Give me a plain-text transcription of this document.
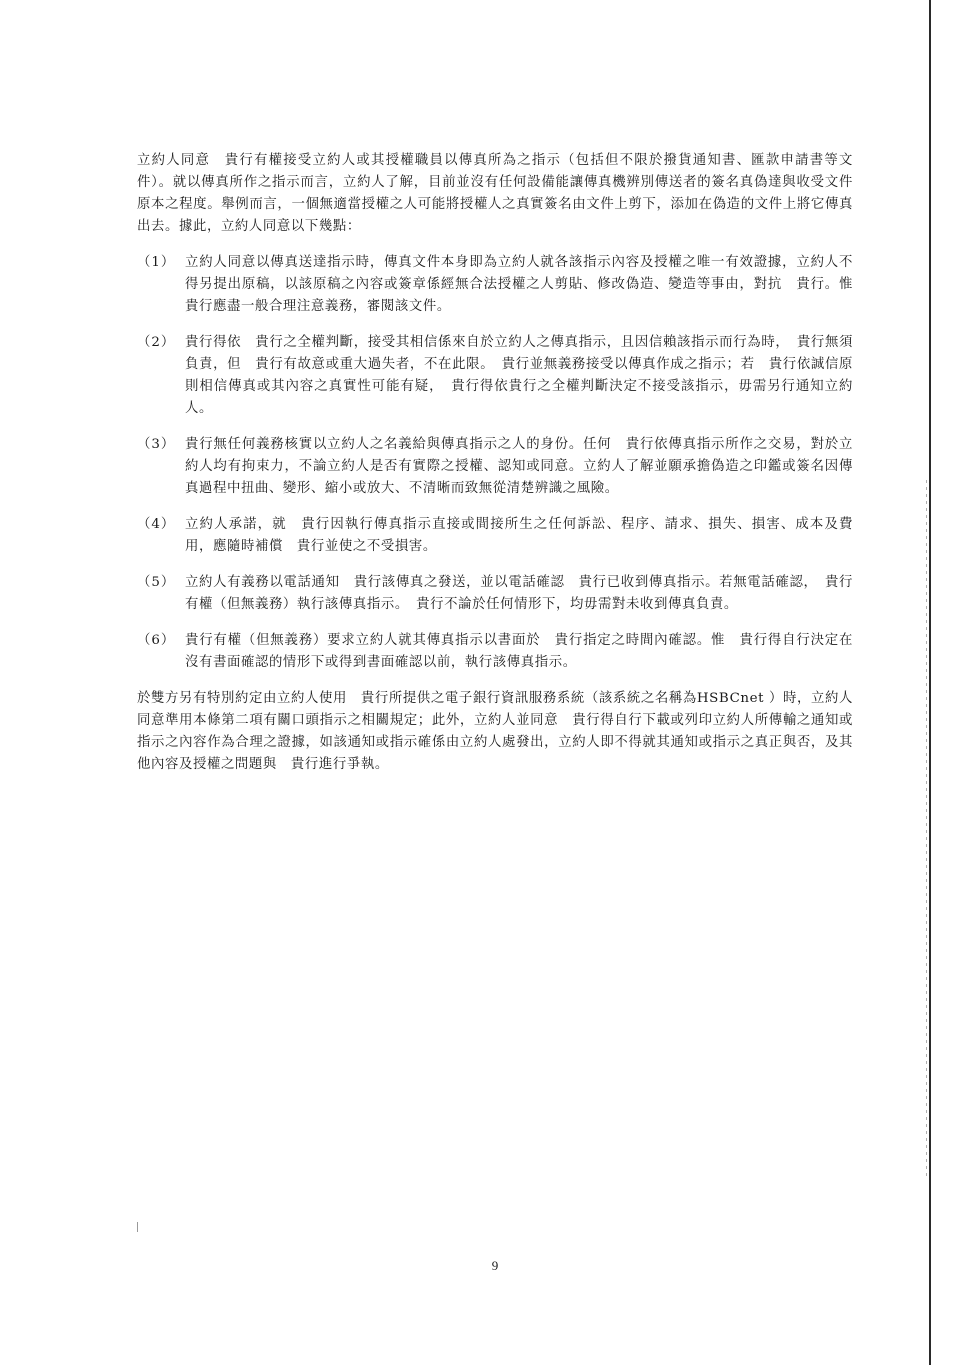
立約人同意　貴行有權接受立約人或其授權職員以傳真所為之指示（包括但不限於撥貨通知書、匯款申請書等文件）。就以傳真所作之指示而言，立約人了解，目前並沒有任何設備能讓傳真機辨別傳送者的簽名真偽達與收受文件原本之程度。舉例而言，一個無適當授權之人可能將授權人之真實簽名由文件上剪下，添加在偽造的文件上將它傳真出去。據此，立約人同意以下幾點：

（1） 立約人同意以傳真送達指示時，傳真文件本身即為立約人就各該指示內容及授權之唯一有效證據，立約人不得另提出原稿，以該原稿之內容或簽章係經無合法授權之人剪貼、修改偽造、變造等事由，對抗　貴行。惟　貴行應盡一般合理注意義務，審閱該文件。
（2） 貴行得依　貴行之全權判斷，接受其相信係來自於立約人之傳真指示，且因信賴該指示而行為時，　貴行無須負責，但　貴行有故意或重大過失者，不在此限。　貴行並無義務接受以傳真作成之指示；若　貴行依誠信原則相信傳真或其內容之真實性可能有疑，　貴行得依貴行之全權判斷決定不接受該指示，毋需另行通知立約人。
（3） 貴行無任何義務核實以立約人之名義給與傳真指示之人的身份。任何　貴行依傳真指示所作之交易，對於立約人均有拘束力，不論立約人是否有實際之授權、認知或同意。立約人了解並願承擔偽造之印鑑或簽名因傳真過程中扭曲、變形、縮小或放大、不清晰而致無從清楚辨識之風險。
（4） 立約人承諾，就　貴行因執行傳真指示直接或間接所生之任何訴訟、程序、請求、損失、損害、成本及費用，應隨時補償　貴行並使之不受損害。
（5） 立約人有義務以電話通知　貴行該傳真之發送，並以電話確認　貴行已收到傳真指示。若無電話確認，　貴行有權（但無義務）執行該傳真指示。　貴行不論於任何情形下，均毋需對未收到傳真負責。
（6） 貴行有權（但無義務）要求立約人就其傳真指示以書面於　貴行指定之時間內確認。惟　貴行得自行決定在沒有書面確認的情形下或得到書面確認以前，執行該傳真指示。

於雙方另有特別約定由立約人使用　貴行所提供之電子銀行資訊服務系統（該系統之名稱為HSBCnet ）時，立約人同意準用本條第二項有關口頭指示之相關規定；此外，立約人並同意　貴行得自行下載或列印立約人所傳輸之通知或指示之內容作為合理之證據，如該通知或指示確係由立約人處發出，立約人即不得就其通知或指示之真正與否，及其他內容及授權之問題與　貴行進行爭執。

9
